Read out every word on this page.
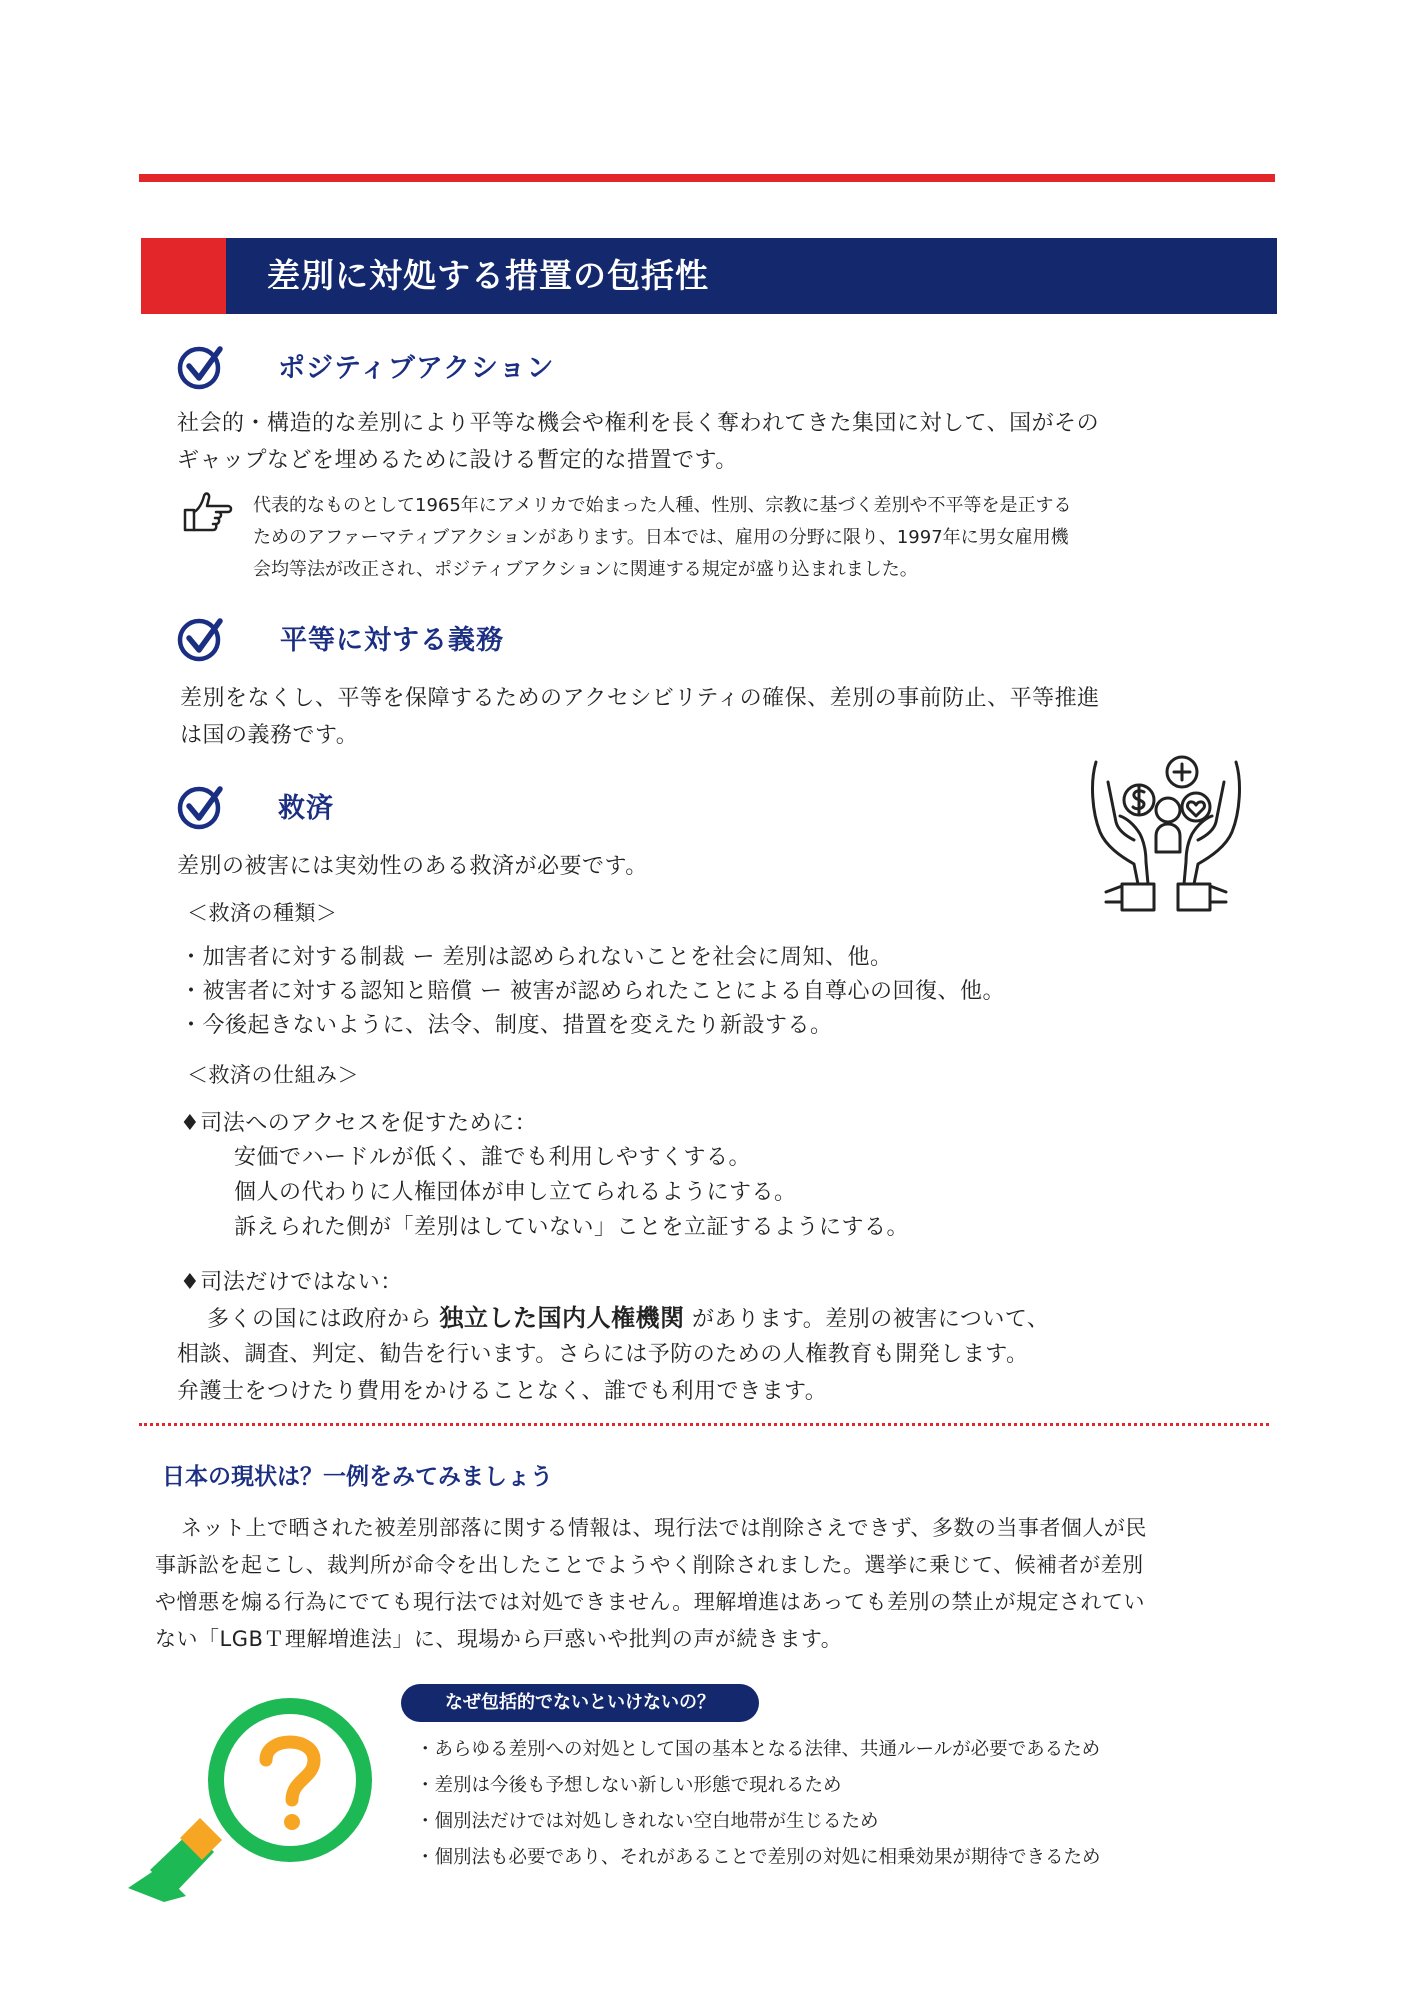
差別に対処する措置の包括性
ポジティブアクション
社会的・構造的な差別により平等な機会や権利を長く奪われてきた集団に対して、国がその
ギャップなどを埋めるために設ける暫定的な措置です。
代表的なものとして1965年にアメリカで始まった人種、性別、宗教に基づく差別や不平等を是正する
ためのアファーマティブアクションがあります。日本では、雇用の分野に限り、1997年に男女雇用機
会均等法が改正され、ポジティブアクションに関連する規定が盛り込まれました。
平等に対する義務
差別をなくし、平等を保障するためのアクセシビリティの確保、差別の事前防止、平等推進
は国の義務です。
救済
差別の被害には実効性のある救済が必要です。
＜救済の種類＞
・加害者に対する制裁 ー 差別は認められないことを社会に周知、他。
・被害者に対する認知と賠償 ー 被害が認められたことによる自尊心の回復、他。
・今後起きないように、法令、制度、措置を変えたり新設する。
＜救済の仕組み＞
♦司法へのアクセスを促すために：
安価でハードルが低く、誰でも利用しやすくする。
個人の代わりに人権団体が申し立てられるようにする。
訴えられた側が「差別はしていない」ことを立証するようにする。
♦司法だけではない：
多くの国には政府から 独立した国内人権機関 があります。差別の被害について、
相談、調査、判定、勧告を行います。さらには予防のための人権教育も開発します。
弁護士をつけたり費用をかけることなく、誰でも利用できます。
日本の現状は？一例をみてみましょう
ネット上で晒された被差別部落に関する情報は、現行法では削除さえできず、多数の当事者個人が民
事訴訟を起こし、裁判所が命令を出したことでようやく削除されました。選挙に乗じて、候補者が差別
や憎悪を煽る行為にでても現行法では対処できません。理解増進はあっても差別の禁止が規定されてい
ない「LGBＴ理解増進法」に、現場から戸惑いや批判の声が続きます。
なぜ包括的でないといけないの？
・あらゆる差別への対処として国の基本となる法律、共通ルールが必要であるため
・差別は今後も予想しない新しい形態で現れるため
・個別法だけでは対処しきれない空白地帯が生じるため
・個別法も必要であり、それがあることで差別の対処に相乗効果が期待できるため
